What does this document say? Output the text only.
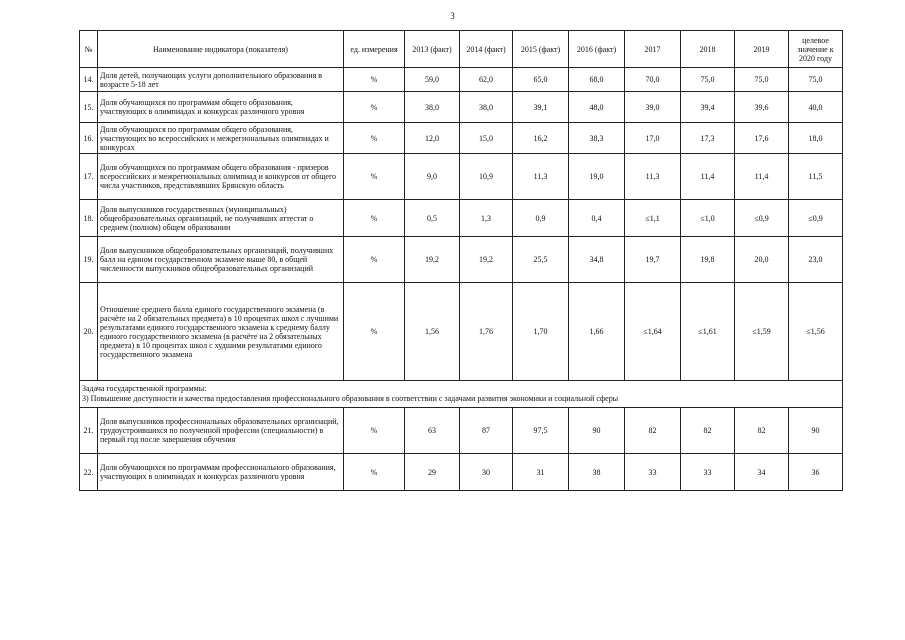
3
№	Наименование индикатора (показателя)	ед. измерения	2013 (факт)	2014 (факт)	2015 (факт)	2016 (факт)	2017	2018	2019	целевое значение к 2020 году
14.	Доля детей, получающих услуги дополнительного образования в возрасте 5-18 лет	%	59,0	62,0	65,0	68,0	70,0	75,0	75,0	75,0
15.	Доля обучающихся по программам общего образования, участвующих в олимпиадах и конкурсах различного уровня	%	38,0	38,0	39,1	48,0	39,0	39,4	39,6	40,0
16.	Доля обучающихся по программам общего образования, участвующих во всероссийских и межрегиональных олимпиадах и конкурсах	%	12,0	15,0	16,2	38,3	17,0	17,3	17,6	18,0
17.	Доля обучающихся по программам общего образования - призеров всероссийских и межрегиональных олимпиад и конкурсов от общего числа участников, представлявших Брянскую область	%	9,0	10,9	11,3	19,0	11,3	11,4	11,4	11,5
18.	Доля выпускников государственных (муниципальных) общеобразовательных организаций, не получивших аттестат о среднем (полном) общем образовании	%	0,5	1,3	0,9	0,4	≤1,1	≤1,0	≤0,9	≤0,9
19.	Доля выпускников общеобразовательных организаций, получивших балл на едином государственном экзамене выше 80, в общей численности выпускников общеобразовательных организаций	%	19,2	19,2	25,5	34,8	19,7	19,8	20,0	23,0
20.	Отношение среднего балла единого государственного экзамена (в расчёте на 2 обязательных предмета) в 10 процентах школ с лучшими результатами единого государственного экзамена к среднему баллу единого государственного экзамена (в расчёте на 2 обязательных предмета) в 10 процентах школ с худшими результатами единого государственного экзамена	%	1,56	1,76	1,70	1,66	≤1,64	≤1,61	≤1,59	≤1,56

Задача государственной программы:
3) Повышение доступности и качества предоставления профессионального образования в соответствии с задачами развития экономики и социальной сферы										

21.	Доля выпускников профессиональных образовательных организаций, трудоустроившихся по полученной профессии (специальности) в первый год после завершения обучения	%	63	87	97,5	90	82	82	82	90
22.	Доля обучающихся по программам профессионального образования, участвующих в олимпиадах и конкурсах различного уровня	%	29	30	31	38	33	33	34	36
